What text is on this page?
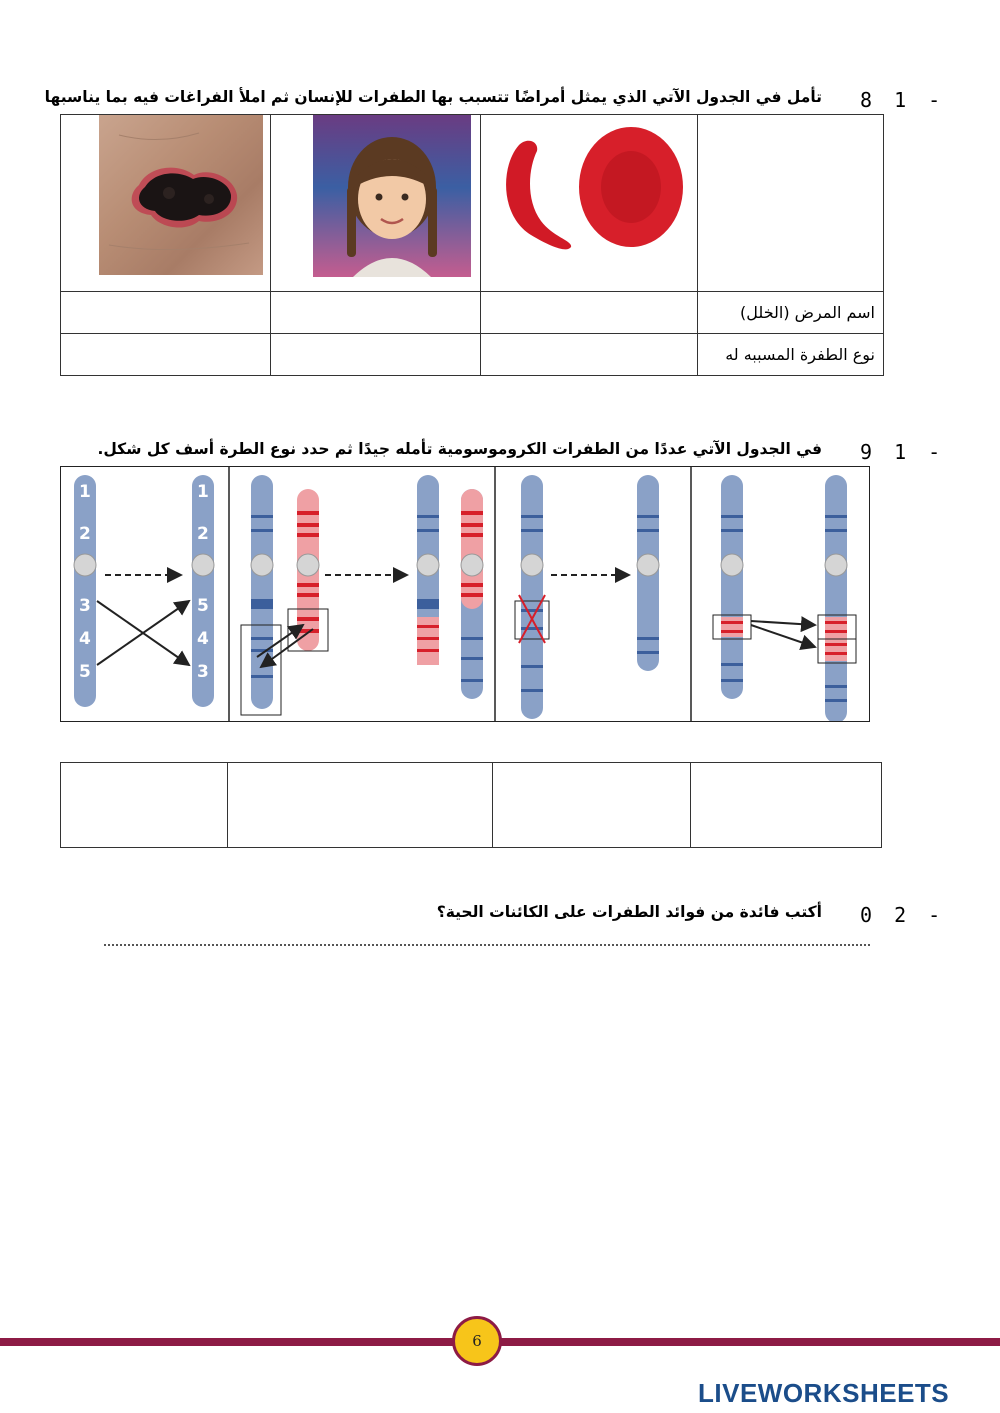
8 1 -
تأمل في الجدول الآتي الذي يمثل أمراضًا تتسبب بها الطفرات للإنسان ثم املأ الفراغات فيه بما يناسبها

			اسم المرض (الخلل)
			نوع الطفرة المسببه له
9 1 -
في الجدول الآتي عددًا من الطفرات الكروموسومية تأمله جيدًا ثم حدد نوع الطرة أسف كل شكل.
1
2
3
4
5
1
2
5
4
3

0 2 -
أكتب فائدة من فوائد الطفرات على الكائنات الحية؟
6
LIVEWORKSHEETS
